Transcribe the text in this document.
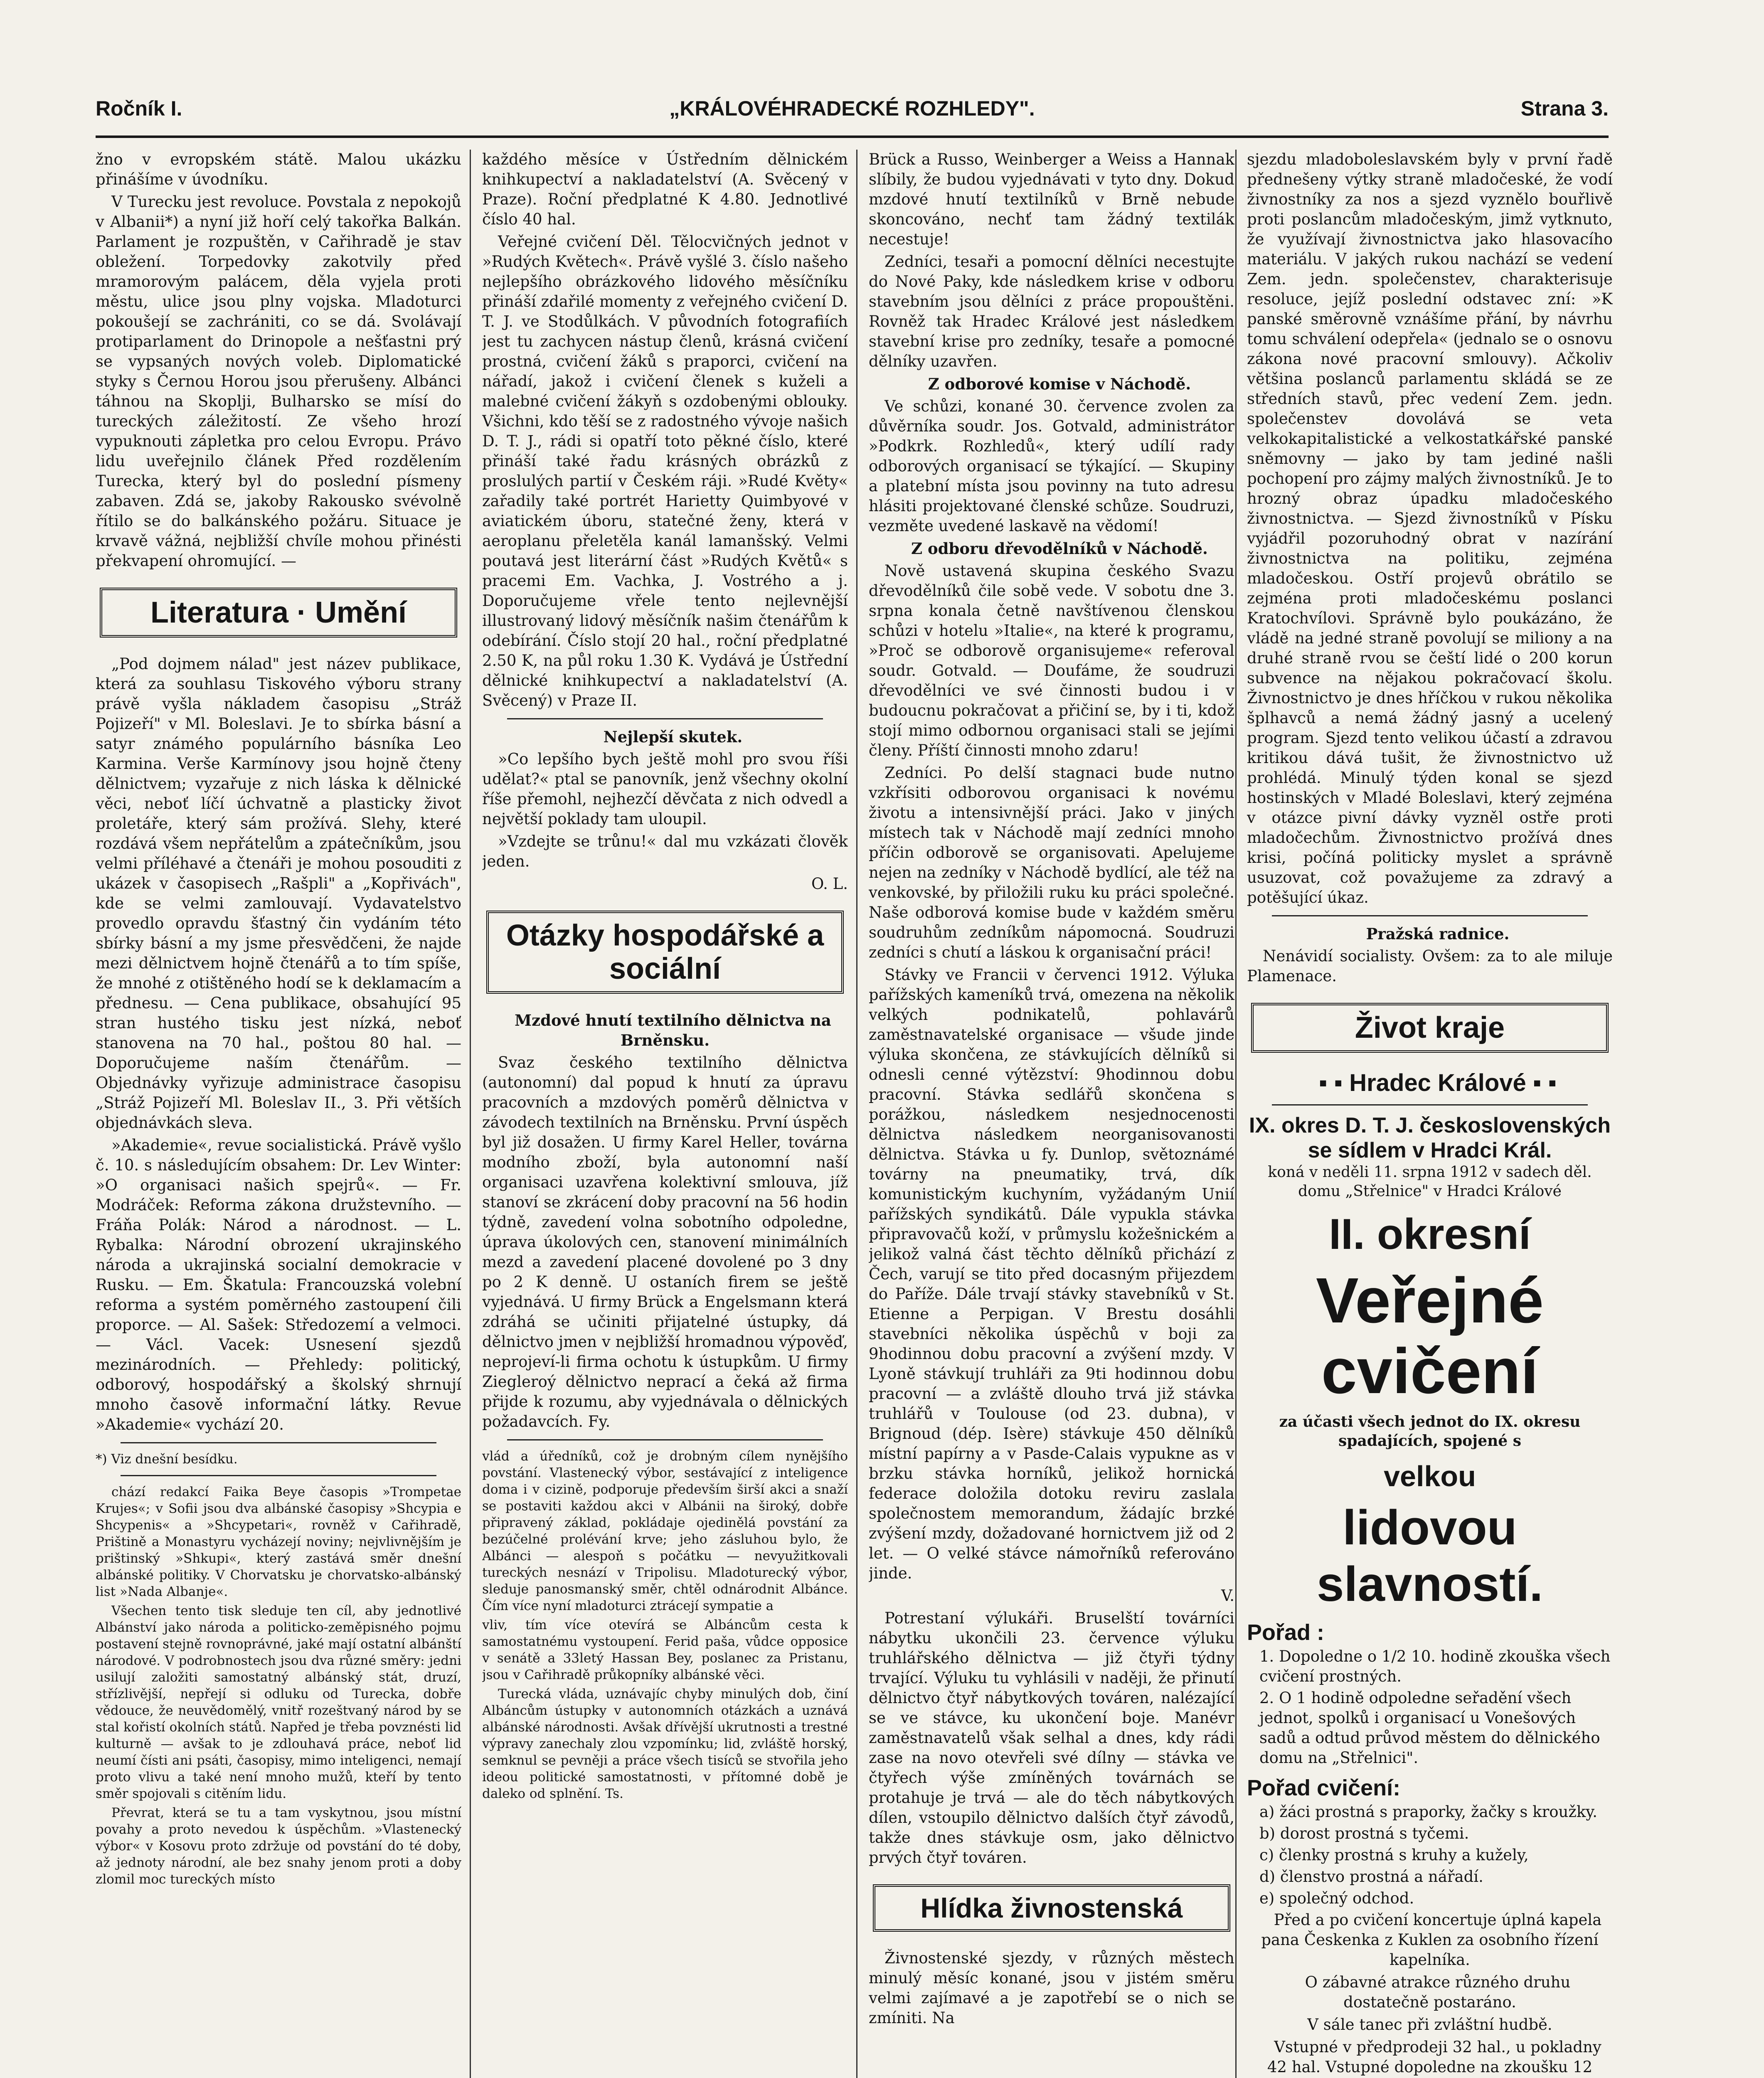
Ročník I.	„KRÁLOVÉHRADECKÉ ROZHLEDY".	Strana 3.

žno v evropském státě. Malou ukázku přinášíme v úvodníku.

V Turecku jest revoluce. Povstala z nepokojů v Albanii*) a nyní již hoří celý takořka Balkán. Parlament je rozpuštěn, v Cařihradě je stav obležení. Torpedovky zakotvily před mramorovým palácem, děla vyjela proti městu, ulice jsou plny vojska. Mladoturci pokoušejí se zachrániti, co se dá. Svolávají protiparlament do Drinopole a nešťastni prý se vypsaných nových voleb. Diplomatické styky s Černou Horou jsou přerušeny. Albánci táhnou na Skoplji, Bulharsko se mísí do tureckých záležitostí. Ze všeho hrozí vypuknouti zápletka pro celou Evropu. Právo lidu uveřejnilo článek Před rozdělením Turecka, který byl do poslední písmeny zabaven. Zdá se, jakoby Rakousko svévolně řítilo se do balkánského požáru. Situace je krvavě vážná, nejbližší chvíle mohou přinésti překvapení ohromující. —

Literatura · Umění

„Pod dojmem nálad" jest název publikace, která za souhlasu Tiskového výboru strany právě vyšla nákladem časopisu „Stráž Pojizeří" v Ml. Boleslavi. Je to sbírka básní a satyr známého populárního básníka Leo Karmina. Verše Karmínovy jsou hojně čteny dělnictvem; vyzařuje z nich láska k dělnické věci, neboť líčí úchvatně a plasticky život proletáře, který sám prožívá. Slehy, které rozdává všem nepřátelům a zpátečníkům, jsou velmi příléhavé a čtenáři je mohou posouditi z ukázek v časopisech „Rašpli" a „Kopřivách", kde se velmi zamlouvají. Vydavatelstvo provedlo opravdu šťastný čin vydáním této sbírky básní a my jsme přesvědčeni, že najde mezi dělnictvem hojně čtenářů a to tím spíše, že mnohé z otištěného hodí se k deklamacím a přednesu. — Cena publikace, obsahující 95 stran hustého tisku jest nízká, neboť stanovena na 70 hal., poštou 80 hal. — Doporučujeme naším čtenářům. — Objednávky vyřizuje administrace časopisu „Stráž Pojizeří Ml. Boleslav II., 3. Při větších objednávkách sleva.

»Akademie«, revue socialistická. Právě vyšlo č. 10. s následujícím obsahem: Dr. Lev Winter: »O organisaci našich spejrů«. — Fr. Modráček: Reforma zákona družstevního. — Fráňa Polák: Národ a národnost. — L. Rybalka: Národní obrození ukrajinského národa a ukrajinská socialní demokracie v Rusku. — Em. Škatula: Francouzská volební reforma a systém poměrného zastoupení čili proporce. — Al. Sašek: Středozemí a velmoci. — Václ. Vacek: Usnesení sjezdů mezinárodních. — Přehledy: politický, odborový, hospodářský a školský shrnují mnoho časově informační látky. Revue »Akademie« vychází 20.

*) Viz dnešní besídku.

chází redakcí Faika Beye časopis »Trompetae Krujes«; v Sofii jsou dva albánské časopisy »Shcypia e Shcypenis« a »Shcypetari«, rovněž v Cařihradě, Prištině a Monastyru vycházejí noviny; nejvlivnějším je prištinský »Shkupi«, který zastává směr dnešní albánské politiky. V Chorvatsku je chorvatsko-albánský list »Nada Albanje«.

Všechen tento tisk sleduje ten cíl, aby jednotlivé Albánství jako národa a politicko-zeměpisného pojmu postavení stejně rovnoprávné, jaké mají ostatní albánští národové. V podrobnostech jsou dva různé směry: jedni usilují založiti samostatný albánský stát, druzí, střízlivější, nepřejí si odluku od Turecka, dobře vědouce, že neuvědomělý, vnitř rozeštvaný národ by se stal kořistí okolních států. Napřed je třeba povznésti lid kulturně — avšak to je zdlouhavá práce, neboť lid neumí čísti ani psáti, časopisy, mimo inteligenci, nemají proto vlivu a také není mnoho mužů, kteří by tento směr spojovali s citěním lidu.

Převrat, která se tu a tam vyskytnou, jsou místní povahy a proto nevedou k úspěchům. »Vlastenecký výbor« v Kosovu proto zdržuje od povstání do té doby, až jednoty národní, ale bez snahy jenom proti a doby zlomil moc tureckých místo

každého měsíce v Ústředním dělnickém knihkupectví a nakladatelství (A. Svěcený v Praze). Roční předplatné K 4.80. Jednotlivé číslo 40 hal.

Veřejné cvičení Děl. Tělocvičných jednot v »Rudých Květech«. Právě vyšlé 3. číslo našeho nejlepšího obrázkového lidového měsíčníku přináší zdařilé momenty z veřejného cvičení D. T. J. ve Stodůlkách. V původních fotografiích jest tu zachycen nástup členů, krásná cvičení prostná, cvičení žáků s praporci, cvičení na nářadí, jakož i cvičení členek s kuželi a malebné cvičení žákyň s ozdobenými oblouky. Všichni, kdo těší se z radostného vývoje našich D. T. J., rádi si opatří toto pěkné číslo, které přináší také řadu krásných obrázků z proslulých partií v Českém ráji. »Rudé Květy« zařadily také portrét Harietty Quimbyové v aviatickém úboru, statečné ženy, která v aeroplanu přeletěla kanál lamanšský. Velmi poutavá jest literární část »Rudých Květů« s pracemi Em. Vachka, J. Vostrého a j. Doporučujeme vřele tento nejlevnější illustrovaný lidový měsíčník našim čtenářům k odebírání. Číslo stojí 20 hal., roční předplatné 2.50 K, na půl roku 1.30 K. Vydává je Ústřední dělnické knihkupectví a nakladatelství (A. Svěcený) v Praze II.

Nejlepší skutek.

»Co lepšího bych ještě mohl pro svou říši udělat?« ptal se panovník, jenž všechny okolní říše přemohl, nejhezčí děvčata z nich odvedl a největší poklady tam uloupil.

»Vzdejte se trůnu!« dal mu vzkázati člověk jeden.

O. L.

Otázky hospodářské a sociální

Mzdové hnutí textilního dělnictva na Brněnsku.

Svaz českého textilního dělnictva (autonomní) dal popud k hnutí za úpravu pracovních a mzdových poměrů dělnictva v závodech textilních na Brněnsku. První úspěch byl již dosažen. U firmy Karel Heller, továrna modního zboží, byla autonomní naší organisaci uzavřena kolektivní smlouva, jíž stanoví se zkrácení doby pracovní na 56 hodin týdně, zavedení volna sobotního odpoledne, úprava úkolových cen, stanovení minimálních mezd a zavedení placené dovolené po 3 dny po 2 K denně. U ostaních firem se ještě vyjednává. U firmy Brück a Engelsmann která zdráhá se učiniti přijatelné ústupky, dá dělnictvo jmen v nejbližší hromadnou výpověď, neprojeví-li firma ochotu k ústupkům. U firmy Ziegleroý dělnictvo neprací a čeká až firma přijde k rozumu, aby vyjednávala o dělnických požadavcích. Fy.

vlád a úředníků, což je drobným cílem nynějšího povstání. Vlastenecký výbor, sestávající z inteligence doma i v cizině, podporuje především širší akci a snaží se postaviti každou akci v Albánii na široký, dobře připravený základ, pokládaje ojedinělá povstání za bezúčelné prolévání krve; jeho zásluhou bylo, že Albánci — alespoň s počátku — nevyužitkovali tureckých nesnází v Tripolisu. Mladoturecký výbor, sleduje panosmanský směr, chtěl odnárodnit Albánce. Čím více nyní mladoturci ztrácejí sympatie a

vliv, tím více otevírá se Albáncům cesta k samostatnému vystoupení. Ferid paša, vůdce opposice v senátě a 33letý Hassan Bey, poslanec za Pristanu, jsou v Cařihradě průkopníky albánské věci.

Turecká vláda, uznávajíc chyby minulých dob, činí Albáncům ústupky v autonomních otázkách a uznává albánské národnosti. Avšak dřívější ukrutnosti a trestné výpravy zanechaly zlou vzpomínku; lid, zvláště horský, semknul se pevněji a práce všech tisíců se stvořila jeho ideou politické samostatnosti, v přítomné době je daleko od splnění. Ts.

Brück a Russo, Weinberger a Weiss a Hannak slíbily, že budou vyjednávati v tyto dny. Dokud mzdové hnutí textilníků v Brně nebude skoncováno, nechť tam žádný textilák necestuje!

Zedníci, tesaři a pomocní dělníci necestujte do Nové Paky, kde následkem krise v odboru stavebním jsou dělníci z práce propouštěni. Rovněž tak Hradec Králové jest následkem stavební krise pro zedníky, tesaře a pomocné dělníky uzavřen.

Z odborové komise v Náchodě.

Ve schůzi, konané 30. července zvolen za důvěrníka soudr. Jos. Gotvald, administrátor »Podkrk. Rozhledů«, který udílí rady odborových organisací se týkající. — Skupiny a platební místa jsou povinny na tuto adresu hlásiti projektované členské schůze. Soudruzi, vezměte uvedené laskavě na vědomí!

Z odboru dřevodělníků v Náchodě.

Nově ustavená skupina českého Svazu dřevodělníků čile sobě vede. V sobotu dne 3. srpna konala četně navštívenou členskou schůzi v hotelu »Italie«, na které k programu, »Proč se odborově organisujeme« referoval soudr. Gotvald. — Doufáme, že soudruzi dřevodělníci ve své činnosti budou i v budoucnu pokračovat a přičiní se, by i ti, kdož stojí mimo odbornou organisaci stali se jejími členy. Příští činnosti mnoho zdaru!

Zedníci. Po delší stagnaci bude nutno vzkřísiti odborovou organisaci k novému životu a intensivnější práci. Jako v jiných místech tak v Náchodě mají zedníci mnoho příčin odborově se organisovati. Apelujeme nejen na zedníky v Náchodě bydlící, ale též na venkovské, by přiložili ruku ku práci společné. Naše odborová komise bude v každém směru soudruhům zedníkům nápomocná. Soudruzi zedníci s chutí a láskou k organisační práci!

Stávky ve Francii v červenci 1912. Výluka pařížských kameníků trvá, omezena na několik velkých podnikatelů, pohlavárů zaměstnavatelské organisace — všude jinde výluka skončena, ze stávkujících dělníků si odnesli cenné výtězství: 9hodinnou dobu pracovní. Stávka sedlářů skončena s porážkou, následkem nesjednocenosti dělnictva následkem neorganisovanosti dělnictva. Stávka u fy. Dunlop, světoznámé továrny na pneumatiky, trvá, dík komunistickým kuchyním, vyžádaným Unií pařížských syndikátů. Dále vypukla stávka připravovačů koží, v průmyslu kožešnickém a jelikož valná část těchto dělníků přichází z Čech, varují se tito před docasným přijezdem do Paříže. Dále trvají stávky stavebníků v St. Etienne a Perpigan. V Brestu dosáhli stavebníci několika úspěchů v boji za 9hodinnou dobu pracovní a zvýšení mzdy. V Lyoně stávkují truhláři za 9ti hodinnou dobu pracovní — a zvláště dlouho trvá již stávka truhlářů v Toulouse (od 23. dubna), v Brignoud (dép. Isère) stávkuje 450 dělníků místní papírny a v Pasde-Calais vypukne as v brzku stávka horníků, jelikož hornická federace doložila dotoku reviru zaslala společnostem memorandum, žádajíc brzké zvýšení mzdy, dožadované hornictvem již od 2 let. — O velké stávce námořníků referováno jinde.

V.

Potrestaní výlukáři. Bruselští továrníci nábytku ukončili 23. července výluku truhlářského dělnictva — již čtyři týdny trvající. Výluku tu vyhlásili v naději, že přinutí dělnictvo čtyř nábytkových továren, nalézající se ve stávce, ku ukončení boje. Manévr zaměstnavatelů však selhal a dnes, kdy rádi zase na novo otevřeli své dílny — stávka ve čtyřech výše zmíněných továrnách se protahuje je trvá — ale do těch nábytkových dílen, vstoupilo dělnictvo dalších čtyř závodů, takže dnes stávkuje osm, jako dělnictvo prvých čtyř továren.

Hlídka živnostenská

Živnostenské sjezdy, v různých městech minulý měsíc konané, jsou v jistém směru velmi zajímavé a je zapotřebí se o nich se zmíniti. Na

sjezdu mladoboleslavském byly v první řadě přednešeny výtky straně mladočeské, že vodí živnostníky za nos a sjezd vyznělo bouřlivě proti poslancům mladočeským, jimž vytknuto, že využívají živnostnictva jako hlasovacího materiálu. V jakých rukou nachází se vedení Zem. jedn. společenstev, charakterisuje resoluce, jejíž poslední odstavec zní: »K panské směrovně vznášíme přání, by návrhu tomu schválení odepřela« (jednalo se o osnovu zákona nové pracovní smlouvy). Ačkoliv většina poslanců parlamentu skládá se ze středních stavů, přec vedení Zem. jedn. společenstev dovolává se veta velkokapitalistické a velkostatkářské panské sněmovny — jako by tam jediné našli pochopení pro zájmy malých živnostníků. Je to hrozný obraz úpadku mladočeského živnostnictva. — Sjezd živnostníků v Písku vyjádřil pozoruhodný obrat v nazírání živnostnictva na politiku, zejména mladočeskou. Ostří projevů obrátilo se zejména proti mladočeskému poslanci Kratochvílovi. Správně bylo poukázáno, že vládě na jedné straně povolují se miliony a na druhé straně rvou se čeští lidé o 200 korun subvence na nějakou pokračovací školu. Živnostnictvo je dnes hříčkou v rukou několika šplhavců a nemá žádný jasný a ucelený program. Sjezd tento velikou účastí a zdravou kritikou dává tušit, že živnostnictvo už prohlédá. Minulý týden konal se sjezd hostinských v Mladé Boleslavi, který zejména v otázce pivní dávky vyzněl ostře proti mladočechům. Živnostnictvo prožívá dnes krisi, počíná politicky myslet a správně usuzovat, což považujeme za zdravý a potěšující úkaz.

Pražská radnice.

Nenávidí socialisty. Ovšem: za to ale miluje Plamenace.

Život kraje

▪ ▪ Hradec Králové ▪ ▪

IX. okres D. T. J. československých se sídlem v Hradci Král.
koná v neděli 11. srpna 1912 v sadech děl. domu „Střelnice" v Hradci Králové
II. okresní
Veřejné cvičení
za účasti všech jednot do IX. okresu spadajících, spojené s
velkou
lidovou slavností.
Pořad :
1. Dopoledne o 1/2 10. hodině zkouška všech cvičení prostných.
2. O 1 hodině odpoledne seřadění všech jednot, spolků i organisací u Vonešových sadů a odtud průvod městem do dělnického domu na „Střelnici".
Pořad cvičení:
a) žáci prostná s praporky, žačky s kroužky.
b) dorost prostná s tyčemi.
c) členky prostná s kruhy a kužely,
d) členstvo prostná a nářadí.
e) společný odchod.

Před a po cvičení koncertuje úplná kapela pana Českenka z Kuklen za osobního řízení kapelníka.

O zábavné atrakce různého druhu dostatečně postaráno.

V sále tanec při zvláštní hudbě.

Vstupné v předprodeji 32 hal., u pokladny 42 hal. Vstupné dopoledne na zkoušku 12
